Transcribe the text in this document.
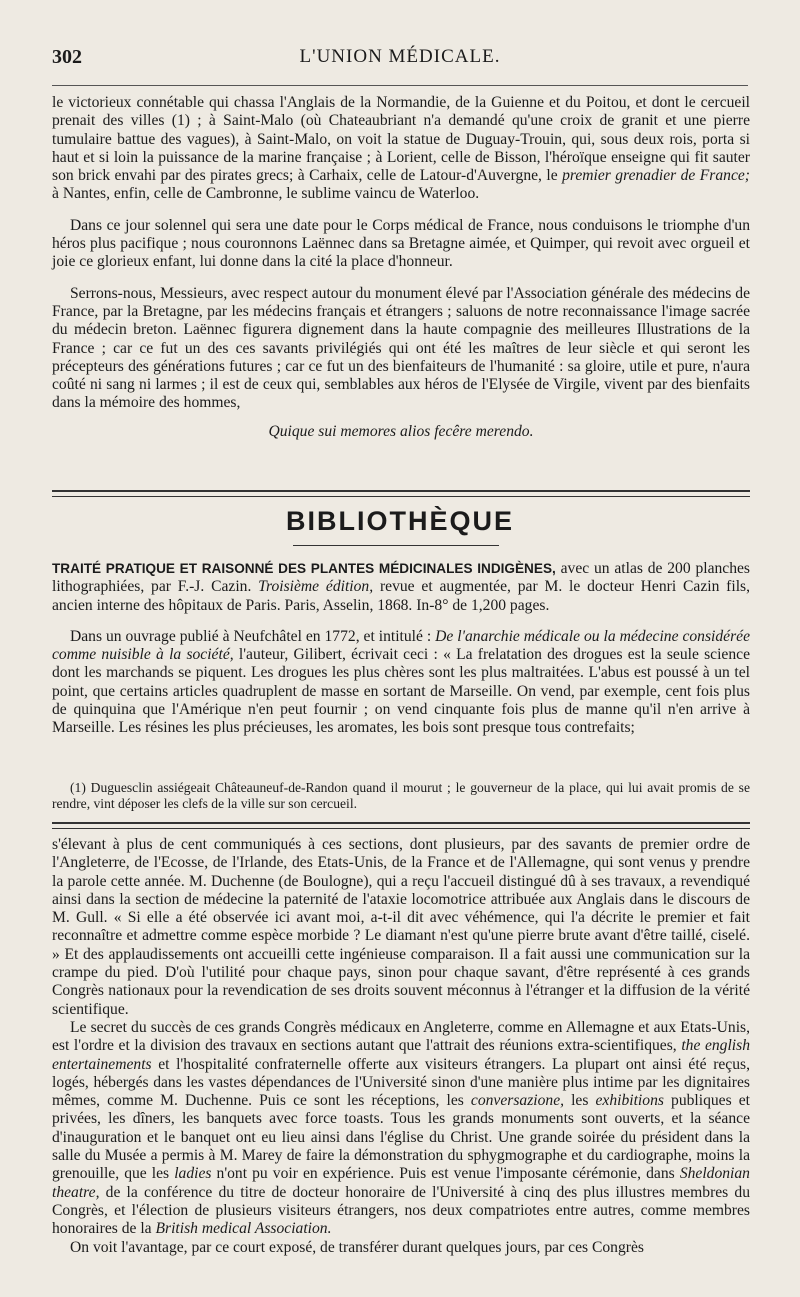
302	L'UNION MÉDICALE.

le victorieux connétable qui chassa l'Anglais de la Normandie, de la Guienne et du Poitou, et dont le cercueil prenait des villes (1) ; à Saint-Malo (où Chateaubriant n'a demandé qu'une croix de granit et une pierre tumulaire battue des vagues), à Saint-Malo, on voit la statue de Duguay-Trouin, qui, sous deux rois, porta si haut et si loin la puissance de la marine française ; à Lorient, celle de Bisson, l'héroïque enseigne qui fit sauter son brick envahi par des pirates grecs; à Carhaix, celle de Latour-d'Auvergne, le premier grenadier de France; à Nantes, enfin, celle de Cambronne, le sublime vaincu de Waterloo.

Dans ce jour solennel qui sera une date pour le Corps médical de France, nous conduisons le triomphe d'un héros plus pacifique ; nous couronnons Laënnec dans sa Bretagne aimée, et Quimper, qui revoit avec orgueil et joie ce glorieux enfant, lui donne dans la cité la place d'honneur.

Serrons-nous, Messieurs, avec respect autour du monument élevé par l'Association générale des médecins de France, par la Bretagne, par les médecins français et étrangers ; saluons de notre reconnaissance l'image sacrée du médecin breton. Laënnec figurera dignement dans la haute compagnie des meilleures Illustrations de la France ; car ce fut un des ces savants privilégiés qui ont été les maîtres de leur siècle et qui seront les précepteurs des générations futures ; car ce fut un des bienfaiteurs de l'humanité : sa gloire, utile et pure, n'aura coûté ni sang ni larmes ; il est de ceux qui, semblables aux héros de l'Elysée de Virgile, vivent par des bienfaits dans la mémoire des hommes,

Quique sui memores alios fecêre merendo.

BIBLIOTHÈQUE

TRAITÉ PRATIQUE ET RAISONNÉ DES PLANTES MÉDICINALES INDIGÈNES, avec un atlas de 200 planches lithographiées, par F.-J. Cazin. Troisième édition, revue et augmentée, par M. le docteur Henri Cazin fils, ancien interne des hôpitaux de Paris. Paris, Asselin, 1868. In-8° de 1,200 pages.

Dans un ouvrage publié à Neufchâtel en 1772, et intitulé : De l'anarchie médicale ou la médecine considérée comme nuisible à la société, l'auteur, Gilibert, écrivait ceci : « La frelatation des drogues est la seule science dont les marchands se piquent. Les drogues les plus chères sont les plus maltraitées. L'abus est poussé à un tel point, que certains articles quadruplent de masse en sortant de Marseille. On vend, par exemple, cent fois plus de quinquina que l'Amérique n'en peut fournir ; on vend cinquante fois plus de manne qu'il n'en arrive à Marseille. Les résines les plus précieuses, les aromates, les bois sont presque tous contrefaits;

(1) Duguesclin assiégeait Châteauneuf-de-Randon quand il mourut ; le gouverneur de la place, qui lui avait promis de se rendre, vint déposer les clefs de la ville sur son cercueil.

s'élevant à plus de cent communiqués à ces sections, dont plusieurs, par des savants de premier ordre de l'Angleterre, de l'Ecosse, de l'Irlande, des Etats-Unis, de la France et de l'Allemagne, qui sont venus y prendre la parole cette année. M. Duchenne (de Boulogne), qui a reçu l'accueil distingué dû à ses travaux, a revendiqué ainsi dans la section de médecine la paternité de l'ataxie locomotrice attribuée aux Anglais dans le discours de M. Gull. « Si elle a été observée ici avant moi, a-t-il dit avec véhémence, qui l'a décrite le premier et fait reconnaître et admettre comme espèce morbide ? Le diamant n'est qu'une pierre brute avant d'être taillé, ciselé. » Et des applaudissements ont accueilli cette ingénieuse comparaison. Il a fait aussi une communication sur la crampe du pied. D'où l'utilité pour chaque pays, sinon pour chaque savant, d'être représenté à ces grands Congrès nationaux pour la revendication de ses droits souvent méconnus à l'étranger et la diffusion de la vérité scientifique.

Le secret du succès de ces grands Congrès médicaux en Angleterre, comme en Allemagne et aux Etats-Unis, est l'ordre et la division des travaux en sections autant que l'attrait des réunions extra-scientifiques, the english entertainements et l'hospitalité confraternelle offerte aux visiteurs étrangers. La plupart ont ainsi été reçus, logés, hébergés dans les vastes dépendances de l'Université sinon d'une manière plus intime par les dignitaires mêmes, comme M. Duchenne. Puis ce sont les réceptions, les conversazione, les exhibitions publiques et privées, les dîners, les banquets avec force toasts. Tous les grands monuments sont ouverts, et la séance d'inauguration et le banquet ont eu lieu ainsi dans l'église du Christ. Une grande soirée du président dans la salle du Musée a permis à M. Marey de faire la démonstration du sphygmographe et du cardiographe, moins la grenouille, que les ladies n'ont pu voir en expérience. Puis est venue l'imposante cérémonie, dans Sheldonian theatre, de la conférence du titre de docteur honoraire de l'Université à cinq des plus illustres membres du Congrès, et l'élection de plusieurs visiteurs étrangers, nos deux compatriotes entre autres, comme membres honoraires de la British medical Association.

On voit l'avantage, par ce court exposé, de transférer durant quelques jours, par ces Congrès
